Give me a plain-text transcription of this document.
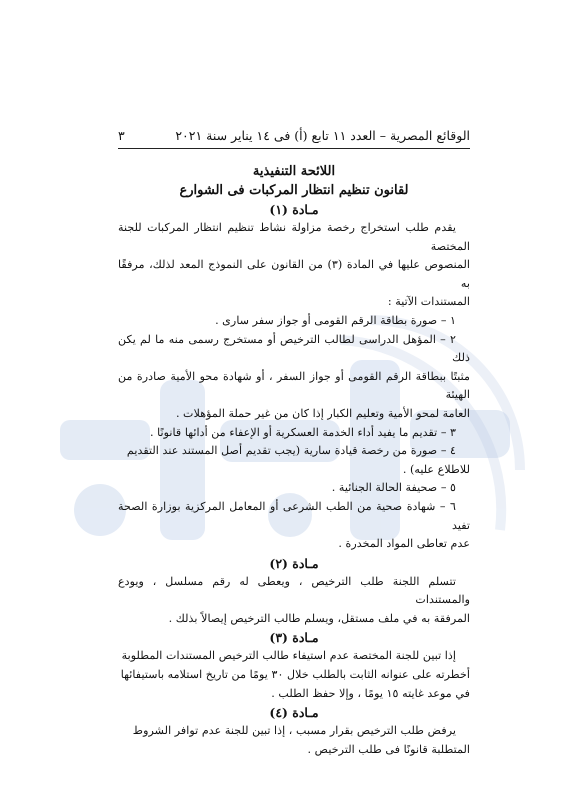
الوقائع المصرية – العدد ١١ تابع (أ) فى ١٤ يناير سنة ٢٠٢١
٣
اللائحة التنفيذية
لقانون تنظيم انتظار المركبات فى الشوارع
مـادة (١)

يقدم طلب استخراج رخصة مزاولة نشاط تنظيم انتظار المركبات للجنة المختصة

المنصوص عليها في المادة (٣) من القانون على النموذج المعد لذلك، مرفقًا به

المستندات الآتية :

١ – صورة بطاقة الرقم القومى أو جواز سفر سارى .

٢ – المؤهل الدراسى لطالب الترخيص أو مستخرج رسمى منه ما لم يكن ذلك

مثبتًا ببطاقة الرقم القومى أو جواز السفر ، أو شهادة محو الأمية صادرة من الهيئة

العامة لمحو الأمية وتعليم الكبار إذا كان من غير حملة المؤهلات .

٣ – تقديم ما يفيد أداء الخدمة العسكرية أو الإعفاء من أدائها قانونًا .

٤ – صورة من رخصة قيادة سارية (يجب تقديم أصل المستند عند التقديم

للاطلاع عليه) .

٥ – صحيفة الحالة الجنائية .

٦ – شهادة صحية من الطب الشرعى أو المعامل المركزية بوزارة الصحة تفيد

عدم تعاطى المواد المخدرة .

مـادة (٢)

تتسلم اللجنة طلب الترخيص ، ويعطى له رقم مسلسل ، ويودع والمستندات

المرفقة به في ملف مستقل، ويسلم طالب الترخيص إيصالاً بذلك .

مـادة (٣)

إذا تبين للجنة المختصة عدم استيفاء طالب الترخيص المستندات المطلوبة

أخطرته على عنوانه الثابت بالطلب خلال ٣٠ يومًا من تاريخ استلامه باستيفائها

في موعد غايته ١٥ يومًا ، وإلا حفظ الطلب .

مـادة (٤)

يرفض طلب الترخيص بقرار مسبب ، إذا تبين للجنة عدم توافر الشروط

المتطلبة قانونًا فى طلب الترخيص .
